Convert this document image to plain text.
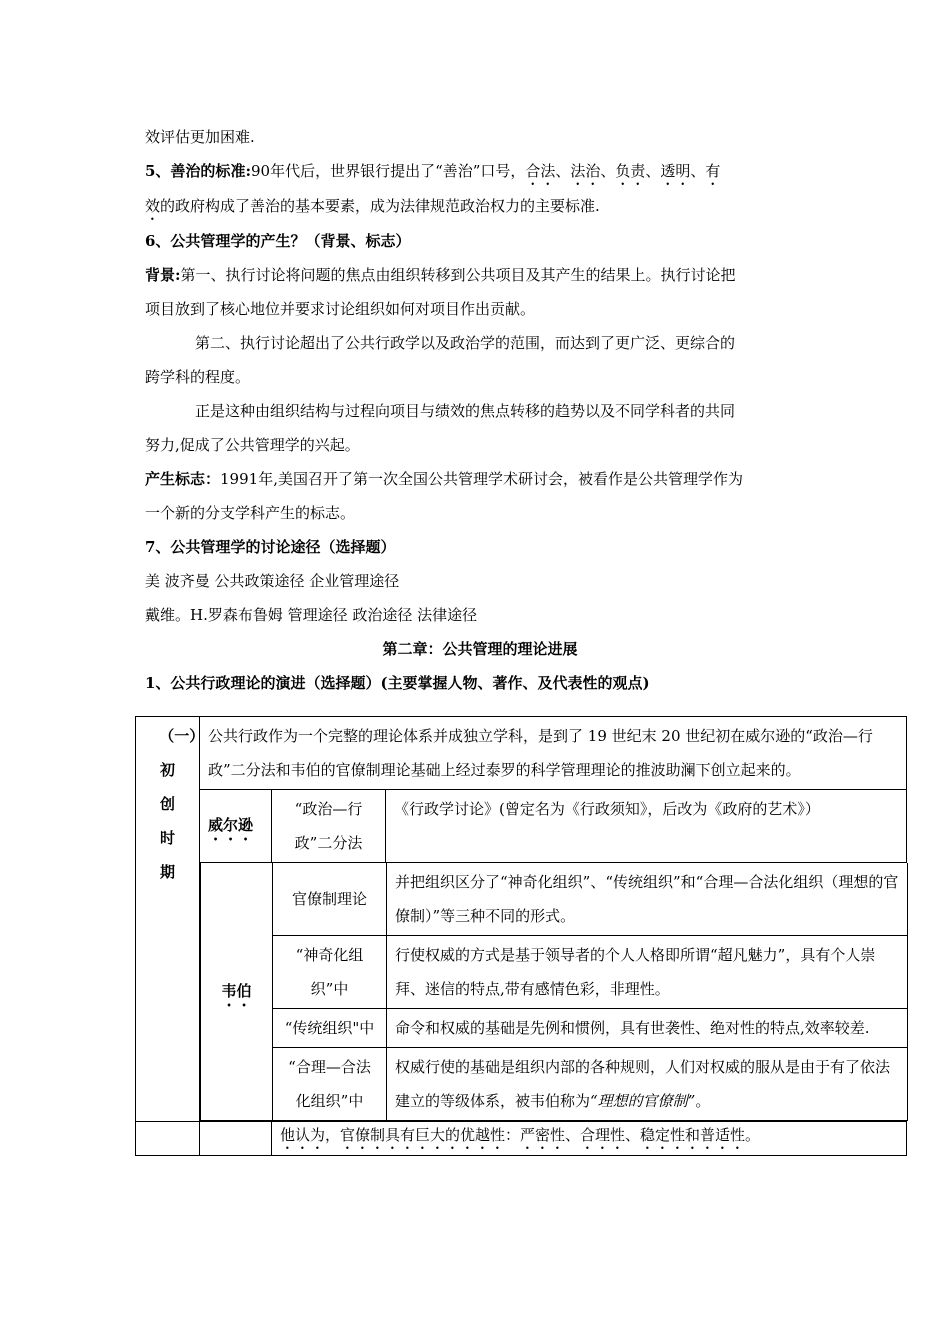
效评估更加困难.

5、善治的标准:90年代后，世界银行提出了“善治”口号，合法、法治、负责、透明、有

效的政府构成了善治的基本要素，成为法律规范政治权力的主要标准.

6、公共管理学的产生？（背景、标志）

背景:第一、执行讨论将问题的焦点由组织转移到公共项目及其产生的结果上。执行讨论把

项目放到了核心地位并要求讨论组织如何对项目作出贡献。

第二、执行讨论超出了公共行政学以及政治学的范围，而达到了更广泛、更综合的

跨学科的程度。

正是这种由组织结构与过程向项目与绩效的焦点转移的趋势以及不同学科者的共同

努力,促成了公共管理学的兴起。

产生标志：1991年,美国召开了第一次全国公共管理学术研讨会，被看作是公共管理学作为

一个新的分支学科产生的标志。

7、公共管理学的讨论途径（选择题）

美 波齐曼 公共政策途径 企业管理途径

戴维。H.罗森布鲁姆 管理途径 政治途径 法律途径

第二章：公共管理的理论进展

1、公共行政理论的演进（选择题）(主要掌握人物、著作、及代表性的观点)

（一）初创时期
	公共行政作为一个完整的理论体系并成独立学科，是到了 19 世纪末 20 世纪初在威尔逊的“政治—行政”二分法和韦伯的官僚制理论基础上经过泰罗的科学管理理论的推波助澜下创立起来的。
威尔逊	“政治—行政”二分法	《行政学讨论》(曾定名为《行政须知》，后改为《政府的艺术》）

韦伯	官僚制理论	并把组织区分了“神奇化组织”、“传统组织”和“合理—合法化组织（理想的官僚制）”等三种不同的形式。
“神奇化组织”中	行使权威的方式是基于领导者的个人人格即所谓“超凡魅力”，具有个人崇拜、迷信的特点,带有感情色彩，非理性。
“传统组织"中	命令和权威的基础是先例和惯例，具有世袭性、绝对性的特点,效率较差.
“合理—合法化组织”中	权威行使的基础是组织内部的各种规则，人们对权威的服从是由于有了依法建立的等级体系，被韦伯称为“理想的官僚制”。

		他认为，官僚制具有巨大的优越性：严密性、合理性、稳定性和普适性。
